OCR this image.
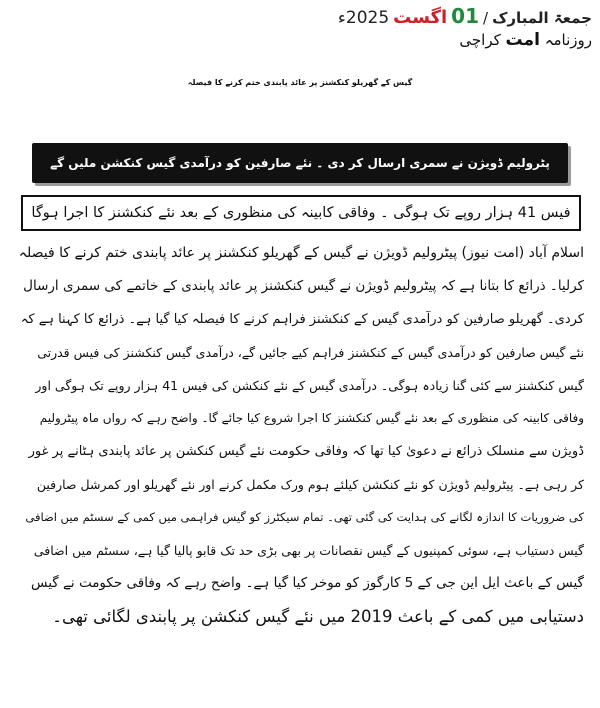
جمعۃ المبارک
/
01
اگست
2025ء
روزنامہ امت کراچی
گیس کے گھریلو کنکشنز پر عائد پابندی ختم کرنے کا فیصلہ
پٹرولیم ڈویژن نے سمری ارسال کر دی ۔ نئے صارفین کو درآمدی گیس کنکشن ملیں گے
فیس 41 ہزار روپے تک ہوگی ۔ وفاقی کابینہ کی منظوری کے بعد نئے کنکشنز کا اجرا ہوگا
اسلام آباد (امت نیوز) پیٹرولیم ڈویژن نے گیس کے گھریلو کنکشنز پر عائد پابندی ختم کرنے کا فیصلہ
کرلیا۔ ذرائع کا بتانا ہے کہ پیٹرولیم ڈویژن نے گیس کنکشنز پر عائد پابندی کے خاتمے کی سمری ارسال
کردی۔ گھریلو صارفین کو درآمدی گیس کے کنکشنز فراہم کرنے کا فیصلہ کیا گیا ہے۔ ذرائع کا کہنا ہے کہ
نئے گیس صارفین کو درآمدی گیس کے کنکشنز فراہم کیے جائیں گے، درآمدی گیس کنکشنز کی فیس قدرتی
گیس کنکشنز سے کئی گنا زیادہ ہوگی۔ درآمدی گیس کے نئے کنکشن کی فیس 41 ہزار روپے تک ہوگی اور
وفاقی کابینہ کی منظوری کے بعد نئے گیس کنکشنز کا اجرا شروع کیا جائے گا۔ واضح رہے کہ رواں ماہ پیٹرولیم
ڈویژن سے منسلک ذرائع نے دعویٰ کیا تھا کہ وفاقی حکومت نئے گیس کنکشن پر عائد پابندی ہٹانے پر غور
کر رہی ہے۔ پیٹرولیم ڈویژن کو نئے کنکشن کیلئے ہوم ورک مکمل کرنے اور نئے گھریلو اور کمرشل صارفین
کی ضروریات کا اندازہ لگانے کی ہدایت کی گئی تھی۔ تمام سیکٹرز کو گیس فراہمی میں کمی کے سسٹم میں اضافی
گیس دستیاب ہے، سوئی کمپنیوں کے گیس نقصانات پر بھی بڑی حد تک قابو پالیا گیا ہے، سسٹم میں اضافی
گیس کے باعث ایل این جی کے 5 کارگوز کو موخر کیا گیا ہے۔ واضح رہے کہ وفاقی حکومت نے گیس
دستیابی میں کمی کے باعث 2019 میں نئے گیس کنکشن پر پابندی لگائی تھی۔
